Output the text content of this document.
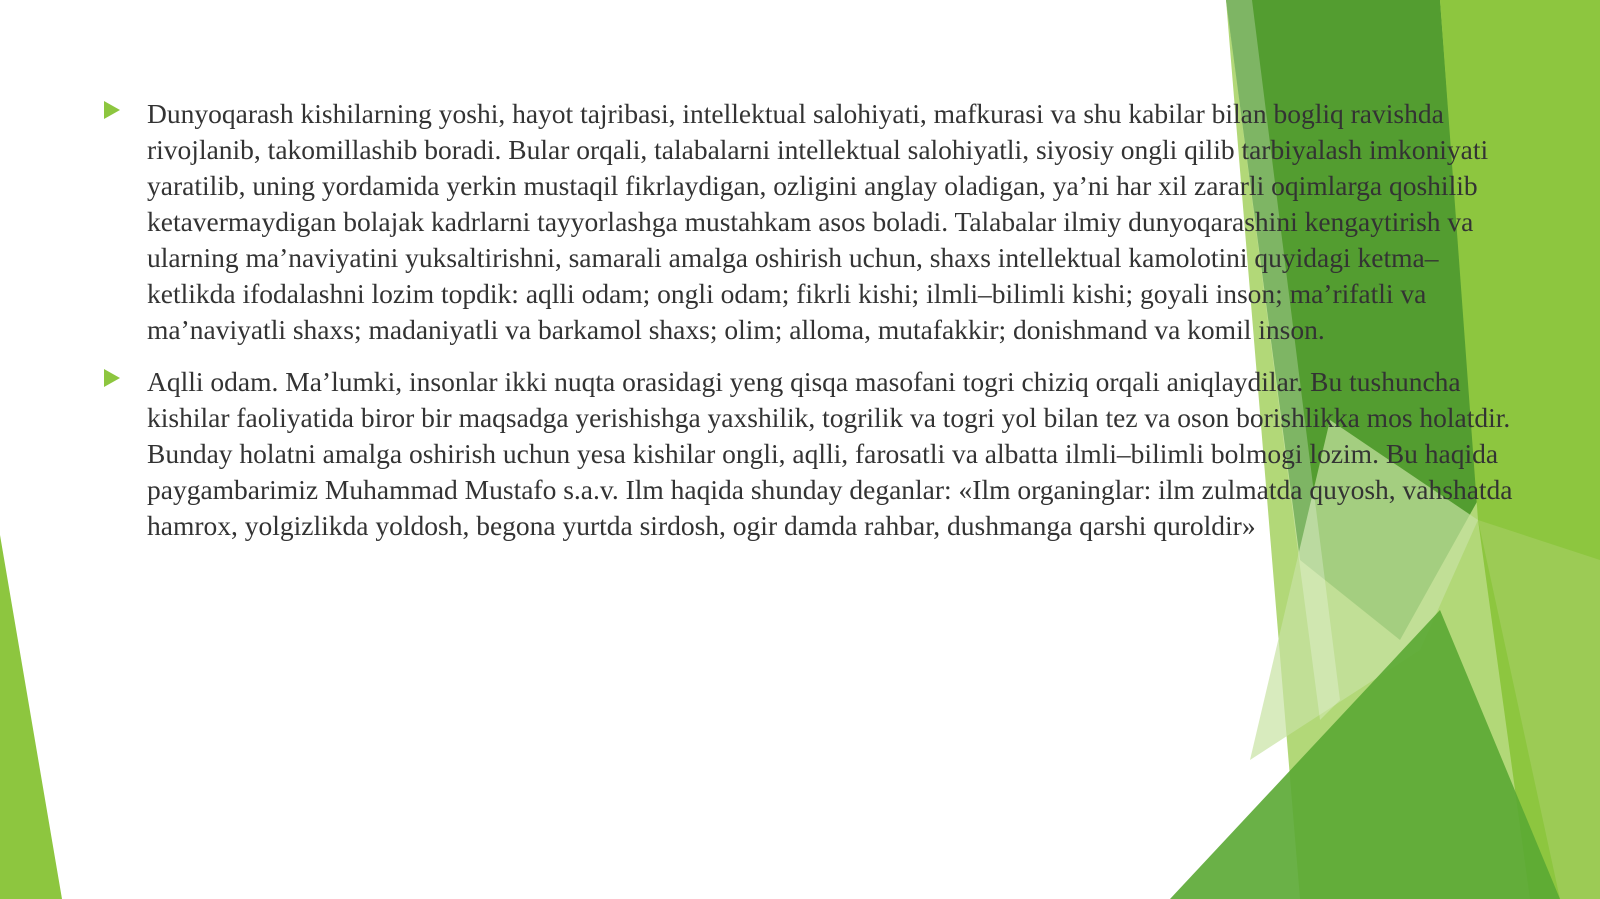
Dunyoqarash kishilarning yoshi, hayot tajribasi, intellektual salohiyati, mafkurasi va shu kabilar bilan bogliq ravishda rivojlanib, takomillashib boradi. Bular orqali, talabalarni intellektual salohiyatli, siyosiy ongli qilib tarbiyalash imkoniyati yaratilib, uning yordamida yerkin mustaqil fikrlaydigan, ozligini anglay oladigan, ya’ni har xil zararli oqimlarga qoshilib ketavermaydigan bolajak kadrlarni tayyorlashga mustahkam asos boladi. Talabalar ilmiy dunyoqarashini kengaytirish va ularning ma’naviyatini yuksaltirishni, samarali amalga oshirish uchun, shaxs intellektual kamolotini quyidagi ketma–ketlikda ifodalashni lozim topdik: aqlli odam; ongli odam; fikrli kishi; ilmli–bilimli kishi; goyali inson; ma’rifatli va ma’naviyatli shaxs; madaniyatli va barkamol shaxs; olim; alloma, mutafakkir; donishmand va komil inson.
Aqlli odam. Ma’lumki, insonlar ikki nuqta orasidagi yeng qisqa masofani togri chiziq orqali aniqlaydilar. Bu tushuncha kishilar faoliyatida biror bir maqsadga yerishishga yaxshilik, togrilik va togri yol bilan tez va oson borishlikka mos holatdir. Bunday holatni amalga oshirish uchun yesa kishilar ongli, aqlli, farosatli va albatta ilmli–bilimli bolmogi lozim. Bu haqida paygambarimiz Muhammad Mustafo s.a.v. Ilm haqida shunday deganlar: «Ilm organinglar: ilm zulmatda quyosh, vahshatda hamrox, yolgizlikda yoldosh, begona yurtda sirdosh, ogir damda rahbar, dushmanga qarshi quroldir»
